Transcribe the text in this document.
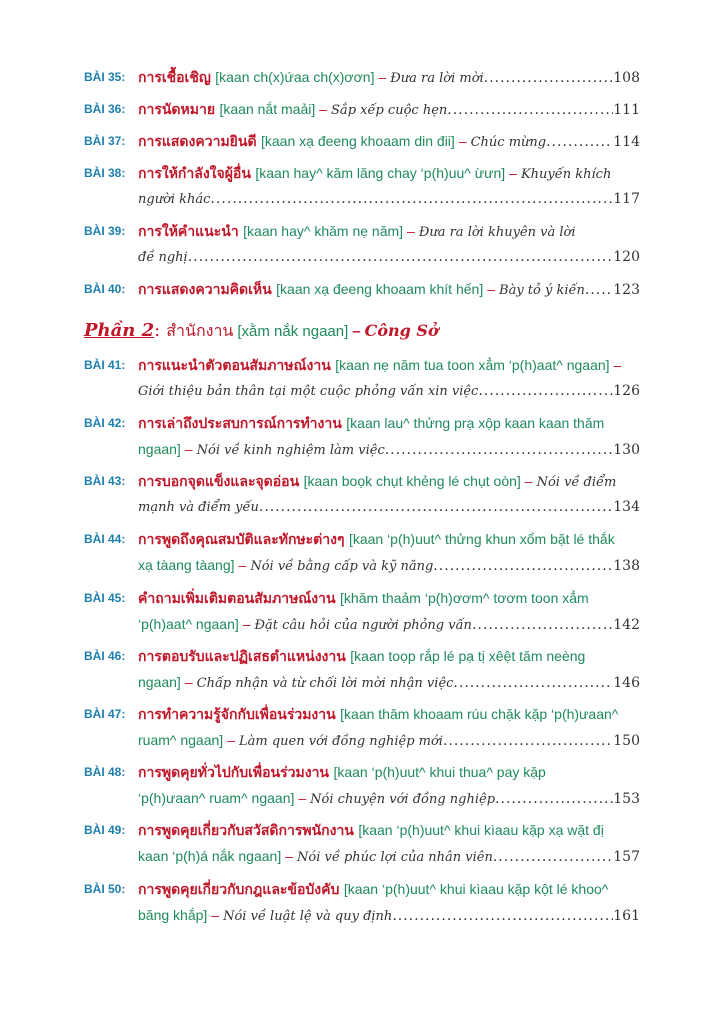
BÀI 35: การเชื้อเชิญ
[kaan ch(x)ứaa ch(x)ơơn] – Đưa ra lời mời .....	108
BÀI 36: การนัดหมาย
[kaan nắt maải] – Sắp xếp cuộc hẹn .....	111
BÀI 37: การแสดงความยินดี
[kaan xạ đeeng khoaam din đii] – Chúc mừng .....	114
BÀI 38: การให้กำลังใจผู้อื่น
[kaan hay^ kăm lăng chay ‘p(h)uu^ ừưn] – Khuyến khích
người khác .....	117
BÀI 39: การให้คำแนะนำ
[kaan hay^ khăm nẹ năm] – Đưa ra lời khuyên và lời
đề nghị .....	120
BÀI 40: การแสดงความคิดเห็น
[kaan xạ đeeng khoaam khít hến] – Bày tỏ ý kiến ..... 123
Phần 2: สำนักงาน [xằm nắk ngaan] – Công Sở
BÀI 41: การแนะนำตัวตอนสัมภาษณ์งาน
[kaan nẹ năm tua toon xẳm ‘p(h)aat^ ngaan] –
Giới thiệu bản thân tại một cuộc phỏng vấn xin việc .....	126
BÀI 42: การเล่าถึงประสบการณ์การทำงาน
[kaan lau^ thửng prạ xộp kaan kaan thăm
ngaan] – Nói về kinh nghiệm làm việc .....	130
BÀI 43: การบอกจุดแข็งและจุดอ่อน
[kaan boọk chụt khẻng lé chụt oòn] – Nói về điểm
mạnh và điểm yếu .....	134
BÀI 44: การพูดถึงคุณสมบัติและทักษะต่างๆ
[kaan ‘p(h)uut^ thửng khun xổm bặt lé thắk
xạ tàang tàang] – Nói về bằng cấp và kỹ năng .....	138
BÀI 45: คำถามเพิ่มเติมตอนสัมภาษณ์งาน
[khăm thaảm ‘p(h)ơơm^ tơơm toon xẳm
‘p(h)aat^ ngaan] – Đặt câu hỏi của người phỏng vấn .....	142
BÀI 46: การตอบรับและปฏิเสธตำแหน่งงาน
[kaan toọp rắp lé pạ tị xêệt tăm neèng
ngaan] – Chấp nhận và từ chối lời mời nhận việc .....	146
BÀI 47: การทำความรู้จักกับเพื่อนร่วมงาน
[kaan thăm khoaam rúu chặk kặp ‘p(h)ưaan^
ruam^ ngaan] – Làm quen với đồng nghiệp mới .....	150
BÀI 48: การพูดคุยทั่วไปกับเพื่อนร่วมงาน
[kaan ‘p(h)uut^ khui thua^ pay kặp
‘p(h)ưaan^ ruam^ ngaan] – Nói chuyện với đồng nghiệp .....	153
BÀI 49: การพูดคุยเกี่ยวกับสวัสดิการพนักงาน
[kaan ‘p(h)uut^ khui kìaau kặp xạ wặt đị
kaan ‘p(h)á nắk ngaan] – Nói về phúc lợi của nhân viên .....	157
BÀI 50: การพูดคุยเกี่ยวกับกฎและข้อบังคับ
[kaan ‘p(h)uut^ khui kìaau kặp kột lé khoo^
băng khắp] – Nói về luật lệ và quy định .....	161
